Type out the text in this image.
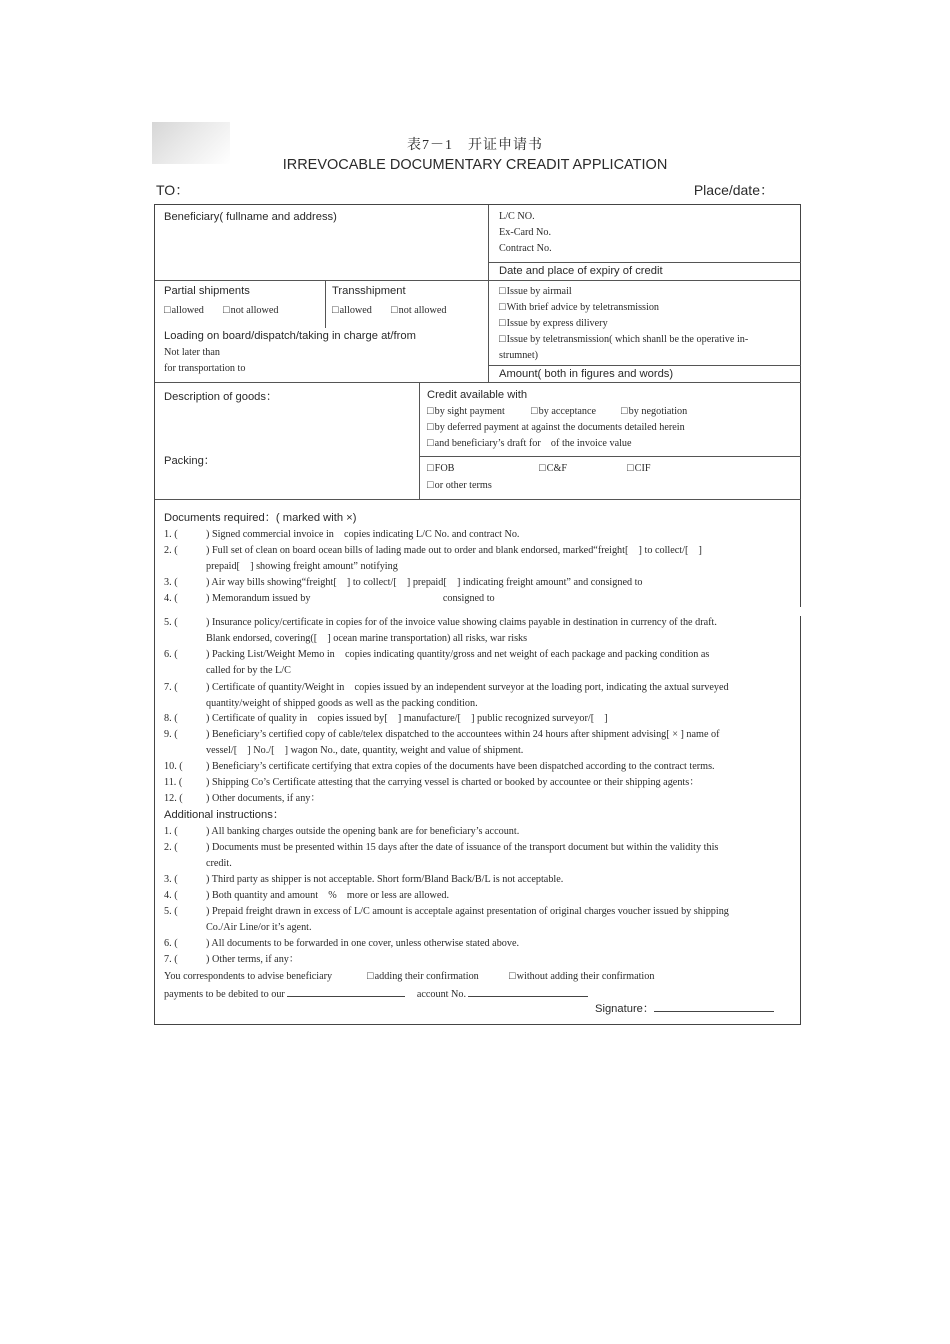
表7－1　开证申请书
IRREVOCABLE DOCUMENTARY CREADIT APPLICATION
TO：	Place/date：
Beneficiary( fullname and address)	L/C NO.
Ex-Card No.
Contract No.
Date and place of expiry of credit
Partial shipments
□ allowed	□ not allowed
Transshipment
□ allowed	□ not allowed
Loading on board/dispatch/taking in charge at/from
Not later than
for transportation to
□ Issue by airmail
□ With brief advice by teletransmission
□ Issue by express dilivery
□ Issue by teletransmission( which shanll be the operative in-
strumnet)
Amount( both in figures and words)
Description of goods：
Packing：
Credit available with
□ by sight payment	□ by acceptance	□ by negotiation
□ by deferred payment at against the documents detailed herein
□ and beneficiary’s draft for　of the invoice value
□ FOB	□ C&F	□ CIF
□ or other terms
Documents required：( marked with ×)
1. (	) Signed commercial invoice in　copies indicating L/C No. and contract No.
2. (	) Full set of clean on board ocean bills of lading made out to order and blank endorsed, marked“freight[　] to collect/[　]
prepaid[　] showing freight amount” notifying
3. (	) Air way bills showing“freight[　] to collect/[　] prepaid[　] indicating freight amount” and consigned to
4. (	) Memorandum issued by　　　　　　　　　　　　　consigned to
5. (	) Insurance policy/certificate in copies for of the invoice value showing claims payable in destination in currency of the draft.
Blank endorsed, covering([　] ocean marine transportation) all risks, war risks
6. (	) Packing List/Weight Memo in　copies indicating quantity/gross and net weight of each package and packing condition as
called for by the L/C
7. (	) Certificate of quantity/Weight in　copies issued by an independent surveyor at the loading port, indicating the axtual surveyed
quantity/weight of shipped goods as well as the packing condition.
8. (	) Certificate of quality in　copies issued by[　] manufacture/[　] public recognized surveyor/[　]
9. (	) Beneficiary’s certified copy of cable/telex dispatched to the accountees within 24 hours after shipment advising[ × ] name of
vessel/[　] No./[　] wagon No., date, quantity, weight and value of shipment.
10. ( ) Beneficiary’s certificate certifying that extra copies of the documents have been dispatched according to the contract terms.
11. ( ) Shipping Co’s Certificate attesting that the carrying vessel is charted or booked by accountee or their shipping agents：
12. ( ) Other documents, if any：
Additional instructions：
1. (	) All banking charges outside the opening bank are for beneficiary’s account.
2. (	) Documents must be presented within 15 days after the date of issuance of the transport document but within the validity this
credit.
3. (	) Third party as shipper is not acceptable. Short form/Bland Back/B/L is not acceptable.
4. (	) Both quantity and amount　%　more or less are allowed.
5. (	) Prepaid freight drawn in excess of L/C amount is acceptale against presentation of original charges voucher issued by shipping
Co./Air Line/or it’s agent.
6. (	) All documents to be forwarded in one cover, unless otherwise stated above.
7. (	) Other terms, if any：
You correspondents to advise beneficiary	□ adding their confirmation	□ without adding their confirmation
payments to be debited to our	account No.
Signature：
